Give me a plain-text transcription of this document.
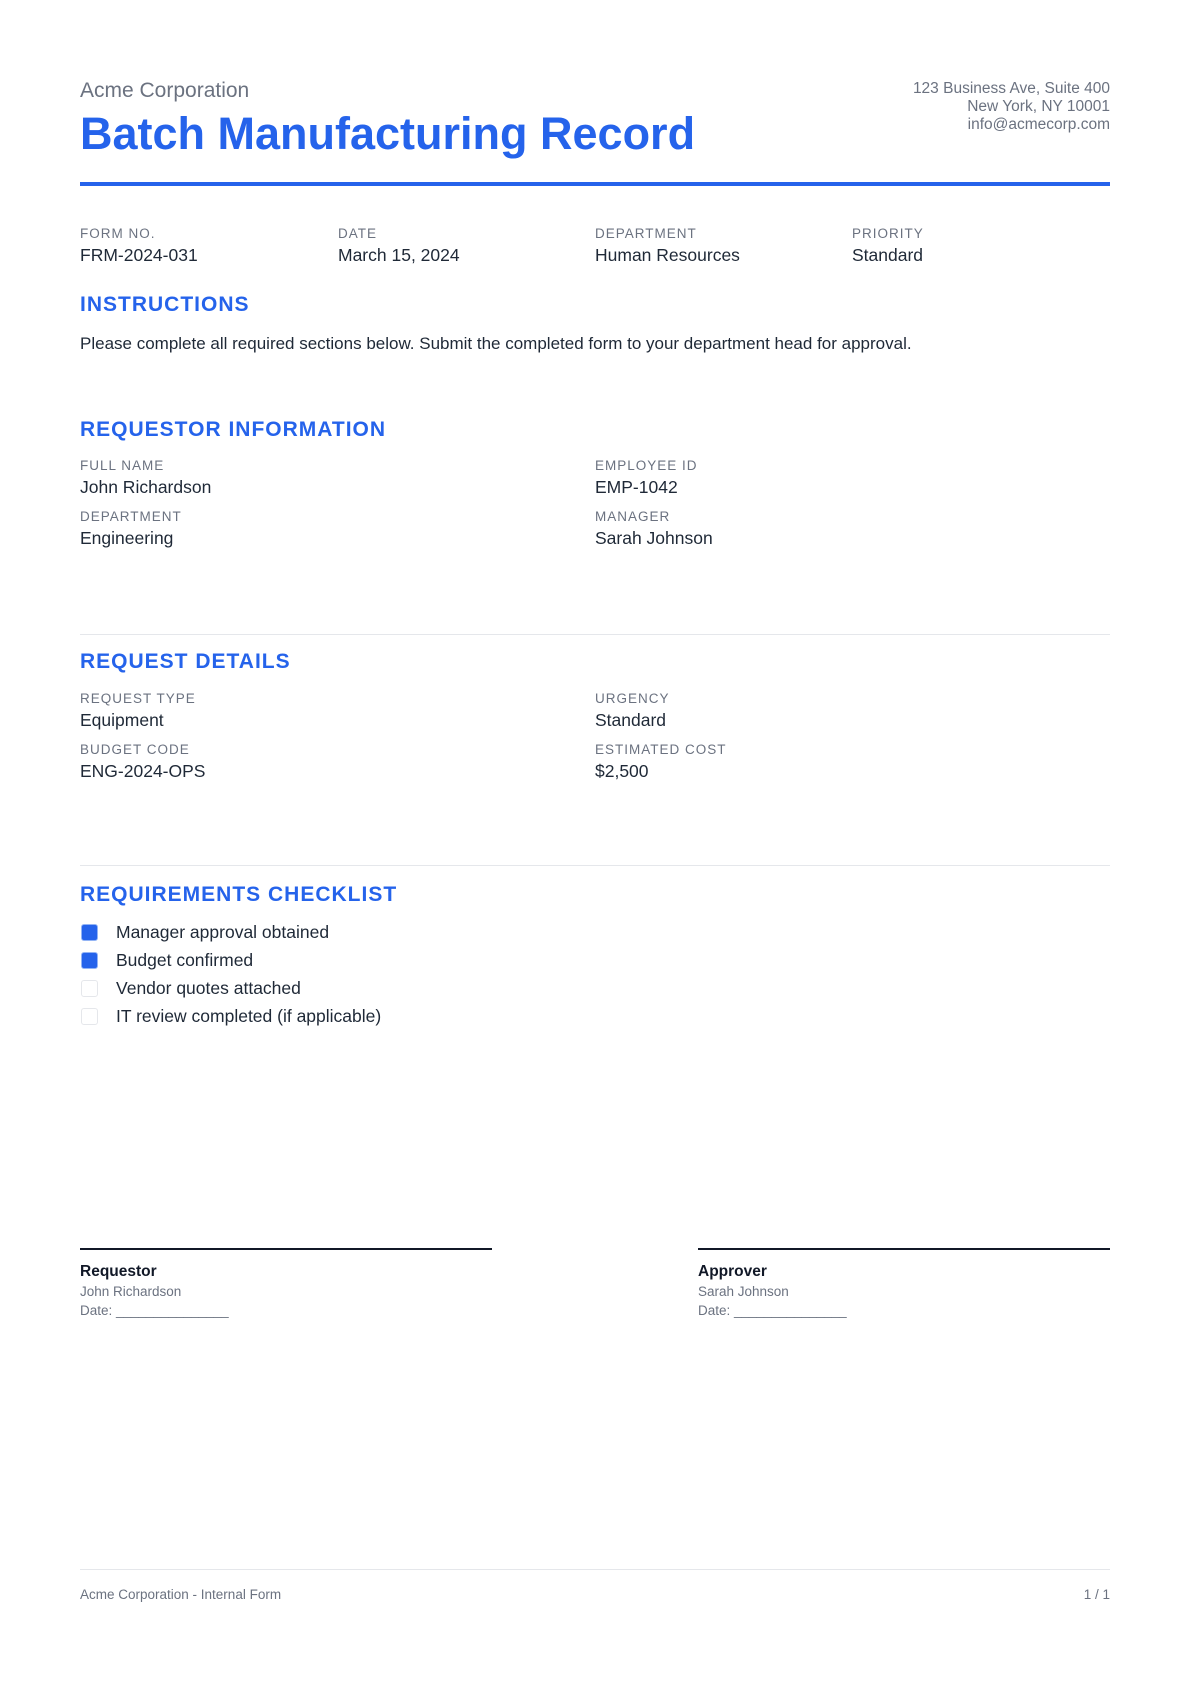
Acme Corporation
Batch Manufacturing Record
123 Business Ave, Suite 400
New York, NY 10001
info@acmecorp.com
FORM NO.
FRM-2024-031
DATE
March 15, 2024
DEPARTMENT
Human Resources
PRIORITY
Standard
INSTRUCTIONS
Please complete all required sections below. Submit the completed form to your department head for approval.
REQUESTOR INFORMATION
FULL NAME
John Richardson
EMPLOYEE ID
EMP-1042
DEPARTMENT
Engineering
MANAGER
Sarah Johnson
REQUEST DETAILS
REQUEST TYPE
Equipment
URGENCY
Standard
BUDGET CODE
ENG-2024-OPS
ESTIMATED COST
$2,500
REQUIREMENTS CHECKLIST
Manager approval obtained
Budget confirmed
Vendor quotes attached
IT review completed (if applicable)
Requestor
John Richardson
Date: _______________
Approver
Sarah Johnson
Date: _______________
Acme Corporation - Internal Form	1 / 1
